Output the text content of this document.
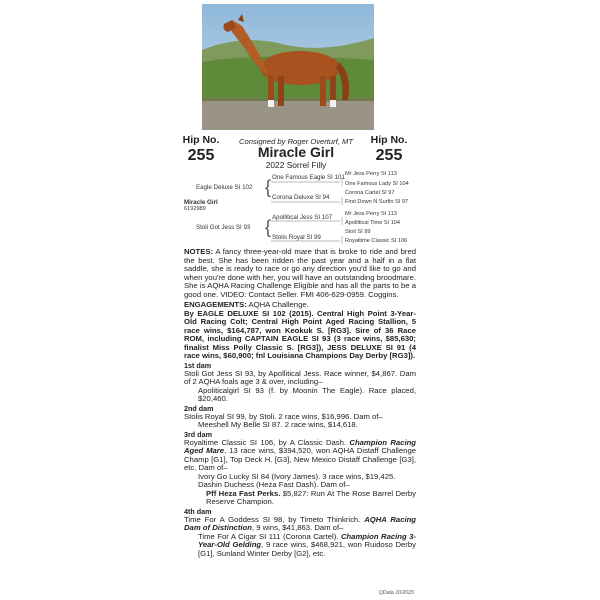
Hip No.
255
Hip No.
255
Consigned by Roger Overturf, MT
Miracle Girl
2022 Sorrel Filly
Eagle Deluxe SI 102 { One Famous Eagle SI 101
Corona Deluxe SI 94
Mr Jess Perry SI 113
One Famous Lady SI 104
Corona Cartel SI 97
First Down N Surfin SI 97
Miracle Girl
6192989
Stoli Got Jess SI 93 { Apollitical Jess SI 107
Stolis Royal SI 99
Mr Jess Perry SI 113
Apollitical Time SI 104
Stoli SI 99
Royaltime Classic SI 106

NOTES: A fancy three-year-old mare that is broke to ride and bred the best. She has been ridden the past year and a half in a flat saddle, she is ready to race or go any direction you'd like to go and when you're done with her, you will have an outstanding broodmare. She is AQHA Racing Challenge Eligible and has all the parts to be a good one. VIDEO: Contact Seller. FMI 406-629-0959. Coggins.

ENGAGEMENTS: AQHA Challenge.

By EAGLE DELUXE SI 102 (2015). Central High Point 3-Year-Old Racing Colt; Central High Point Aged Racing Stallion, 5 race wins, $164,787, won Keokuk S. [RG3]. Sire of 36 Race ROM, including CAPTAIN EAGLE SI 93 (3 race wins, $85,630; finalist Miss Polly Classic S. [RG3]), JESS DELUXE SI 91 (4 race wins, $60,900; fnl Louisiana Champions Day Derby [RG3]).

1st dam

Stoli Got Jess SI 93, by Apollitical Jess. Race winner, $4,867. Dam of 2 AQHA foals age 3 & over, including–

Apoliticalgirl SI 93 (f. by Moonin The Eagle). Race placed, $20,460.

2nd dam

Stolis Royal SI 99, by Stoli. 2 race wins, $16,996. Dam of–

Meeshell My Belle SI 87. 2 race wins, $14,618.

3rd dam

Royaltime Classic SI 106, by A Classic Dash. Champion Racing Aged Mare, 13 race wins, $394,520, won AQHA Distaff Challenge Champ [G1], Top Deck H. [G3], New Mexico Distaff Challenge [G3], etc. Dam of–

Ivory Go Lucky SI 84 (Ivory James). 3 race wins, $19,425.

Dashin Duchess (Heza Fast Dash). Dam of–

Pff Heza Fast Perks. $5,827: Run At The Rose Barrel Derby Reserve Champion.

4th dam

Time For A Goddess SI 98, by Timeto Thinkrich. AQHA Racing Dam of Distinction, 9 wins, $41,863. Dam of–

Time For A Cigar SI 111 (Corona Cartel). Champion Racing 3-Year-Old Gelding, 9 race wins, $468,921, won Ruidoso Derby [G1], Sunland Winter Derby [G2], etc.

QData 10/2025
